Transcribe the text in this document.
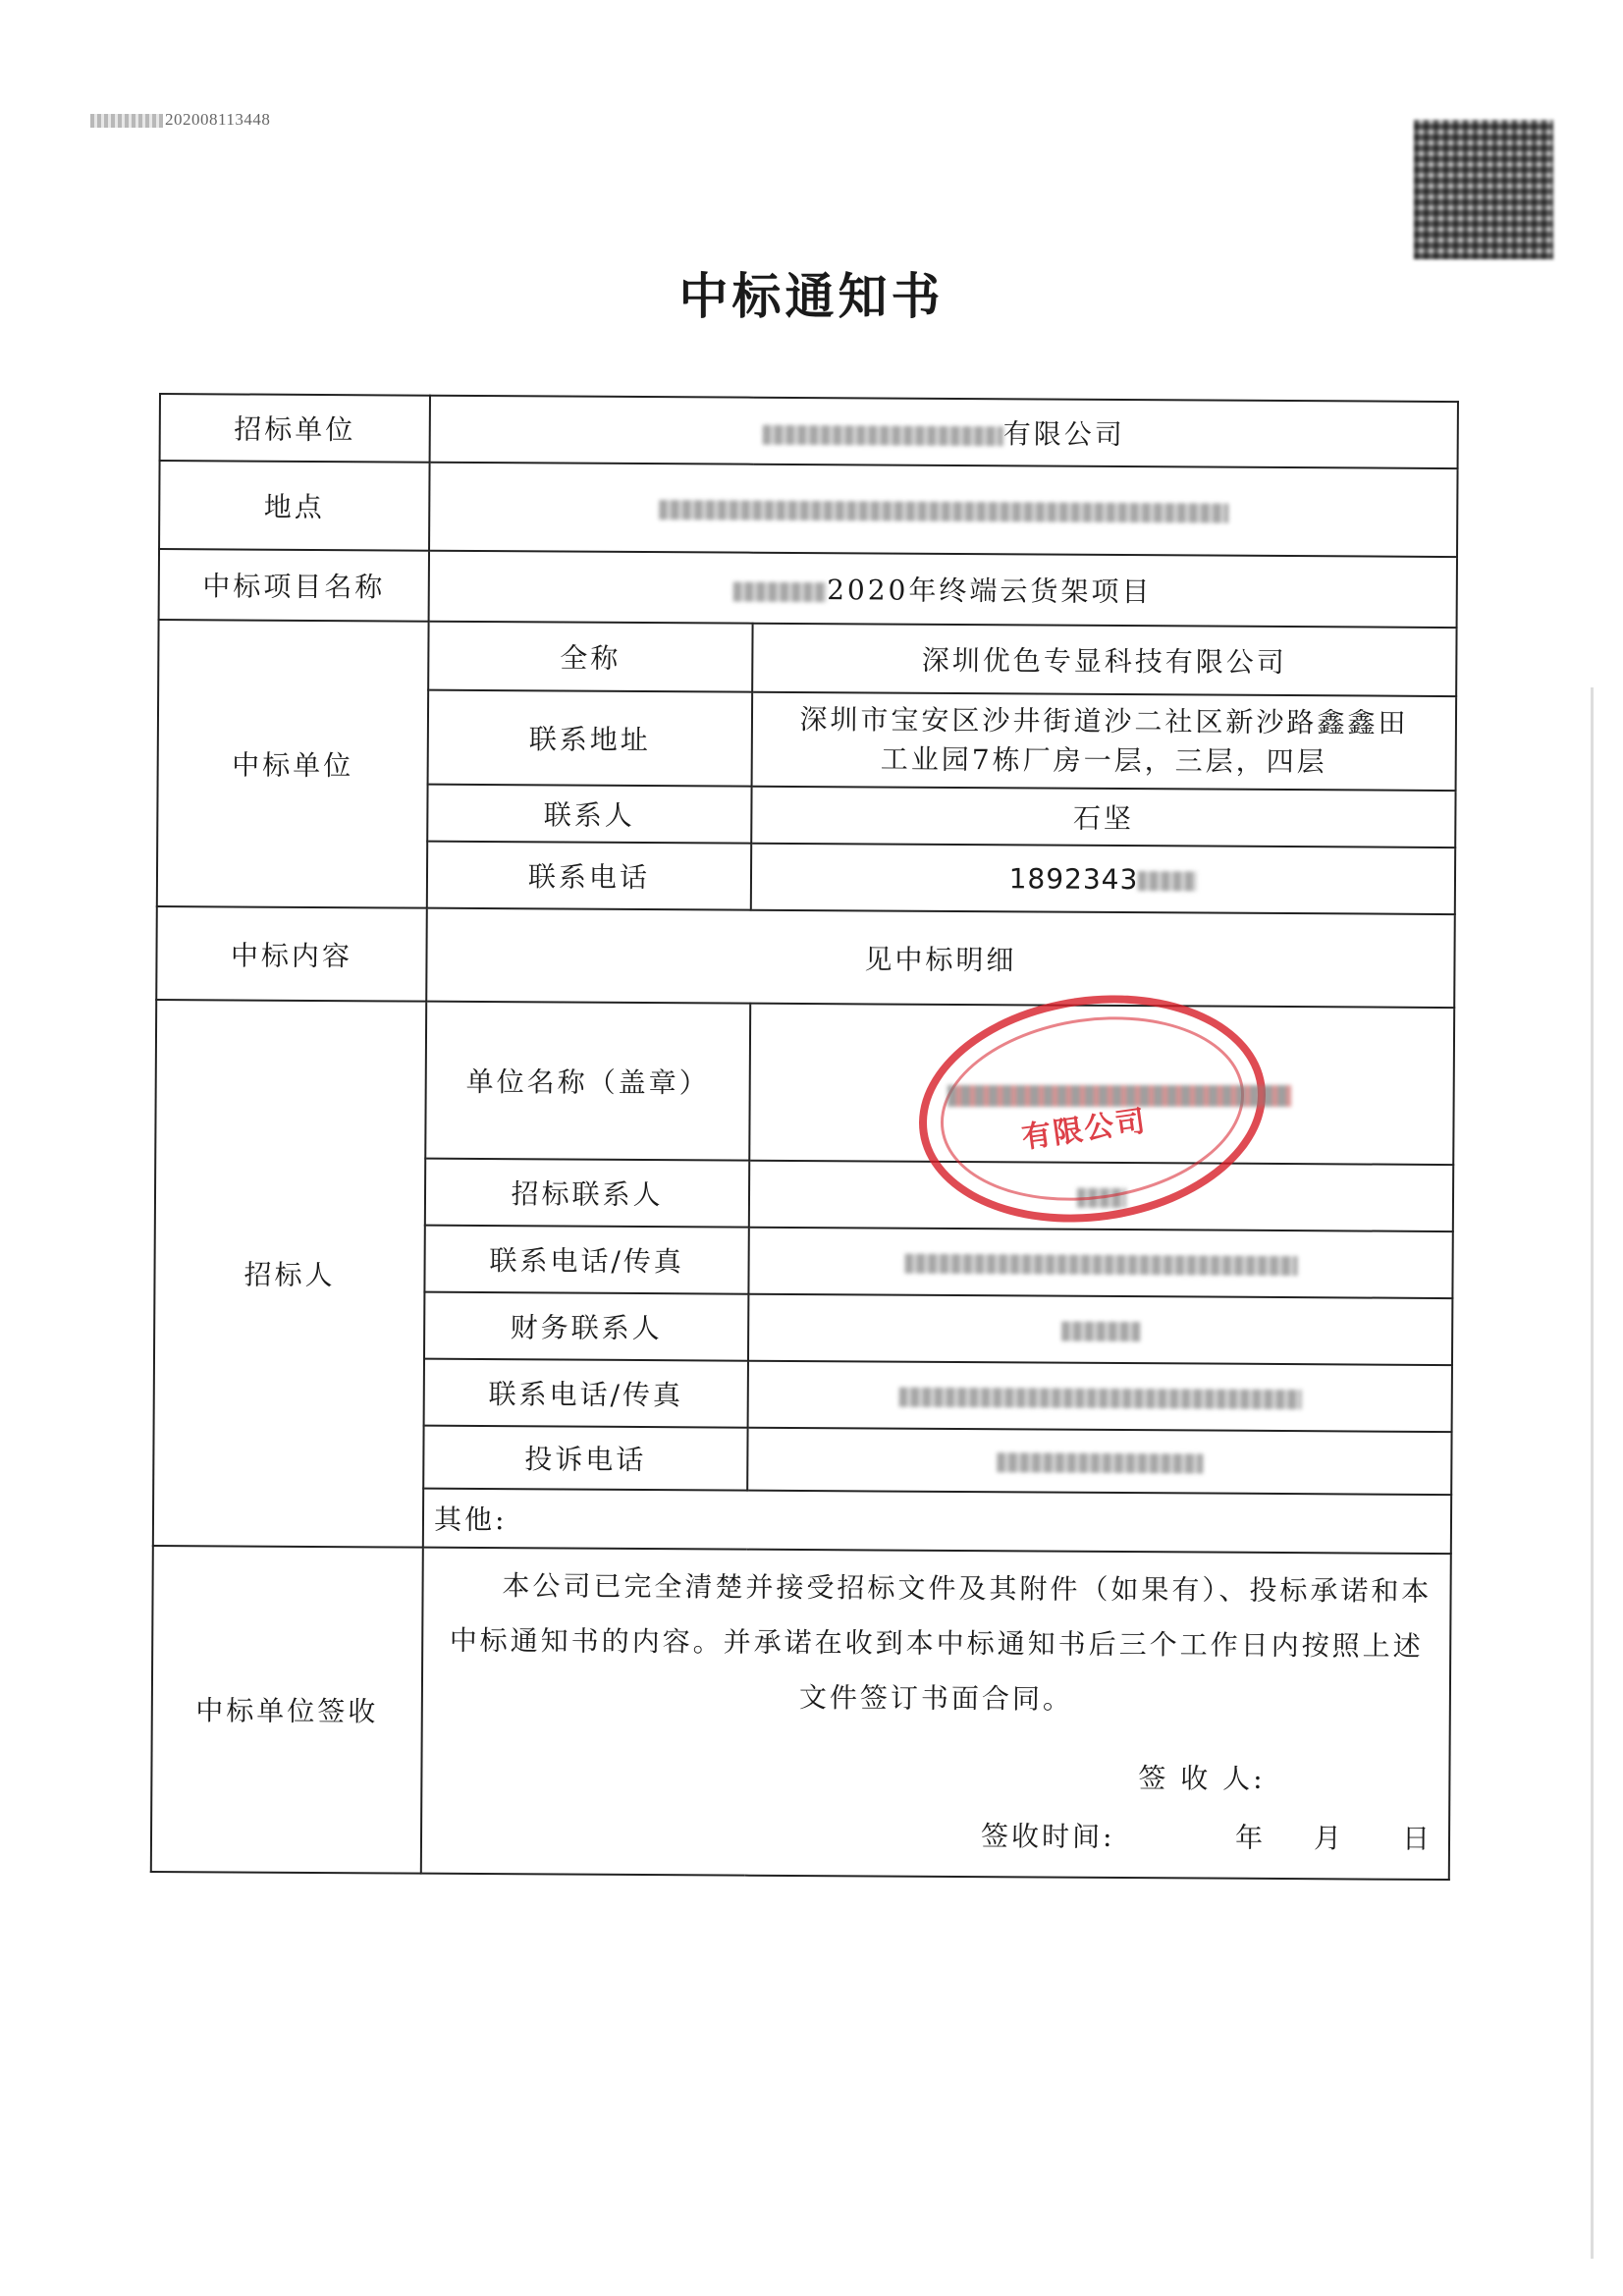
202008113448
中标通知书
招标单位	有限公司	
地点		
中标项目名称	2020年终端云货架项目	
中标单位	全称	深圳优色专显科技有限公司
	联系地址	深圳市宝安区沙井街道沙二社区新沙路鑫鑫田
工业园7栋厂房一层，三层，四层

	联系人	石坚
	联系电话	1892343
中标内容	见中标明细	
招标人	单位名称（盖章）	
	招标联系人	
	联系电话/传真	
	财务联系人	
	联系电话/传真	
	投诉电话	
	其他:	
中标单位签收	本公司已完全清楚并接受招标文件及其附件（如果有）、投标承诺和本中标通知书的内容。并承诺在收到本中标通知书后三个工作日内按照上述文件签订书面合同。

签 收 人:
签收时间: 年 月 日	
有限公司
